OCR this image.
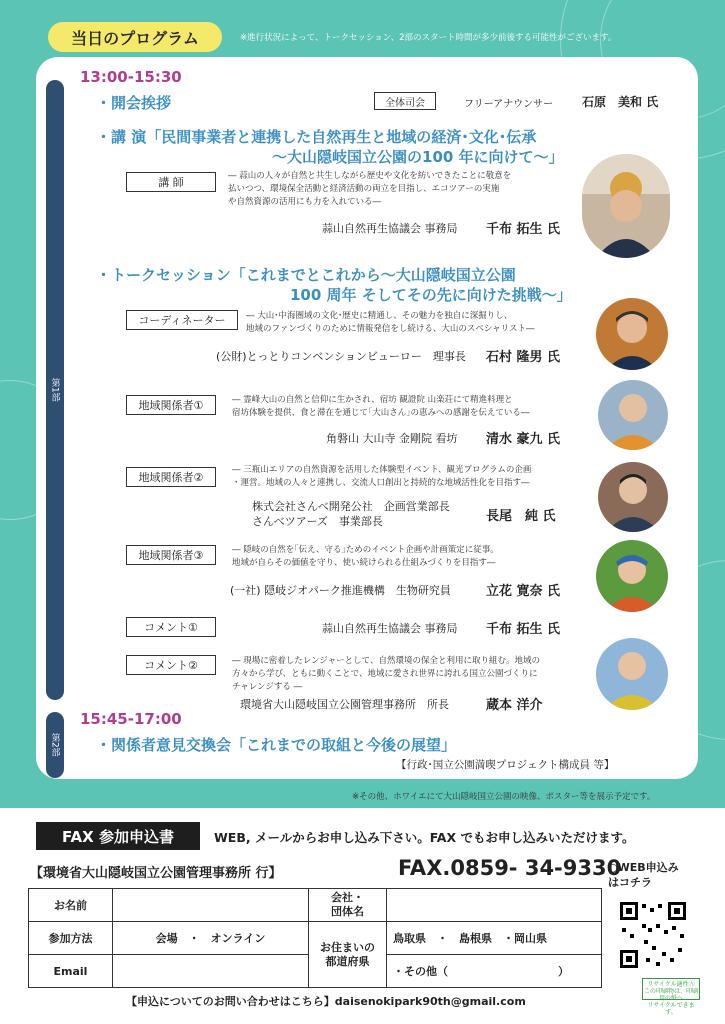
当日のプログラム	※進行状況によって、トークセッション、2部のスタート時間が多少前後する可能性がございます。
第1部
第2部
13:00-15:30
・開会挨拶	全体司会	フリーアナウンサー 石原　美和 氏
・講 演「民間事業者と連携した自然再生と地域の経済･文化･伝承
〜大山隠岐国立公園の100 年に向けて〜」
講 師	― 蒜山の人々が自然と共生しながら歴史や文化を紡いできたことに敬意を
払いつつ、環境保全活動と経済活動の両立を目指し、エコツアーの実施
や自然資源の活用にも力を入れている―
蒜山自然再生協議会 事務局 千布 拓生 氏
・トークセッション「これまでとこれから〜大山隠岐国立公園
100 周年 そしてその先に向けた挑戦〜」
コーディネーター	― 大山･中海圏域の文化･歴史に精通し、その魅力を独自に深掘りし、
地域のファンづくりのために情報発信をし続ける、大山のスペシャリスト―
(公財)とっとりコンベンションビューロー　理事長 石村 隆男 氏
地域関係者①	― 霊峰大山の自然と信仰に生かされ、宿坊 観證院 山楽荘にて精進料理と
宿坊体験を提供、食と滞在を通じて｢大山さん｣の恵みへの感謝を伝えている―
角磐山 大山寺 金剛院 看坊 清水 豪九 氏
地域関係者②
― 三瓶山エリアの自然資源を活用した体験型イベント、観光プログラムの企画
・運営。地域の人々と連携し、交流人口創出と持続的な地域活性化を目指す―
株式会社さんべ開発公社　企画営業部長
さんべツアーズ　事業部長	長尾　純 氏
地域関係者③	― 隠岐の自然を｢伝え、守る｣ためのイベント企画や計画策定に従事。
地域が自らその価値を守り、使い続けられる仕組みづくりを目指す―
(一社) 隠岐ジオパーク推進機構　生物研究員	立花 寛奈 氏
コメント①	蒜山自然再生協議会 事務局 千布 拓生 氏
コメント②	― 現場に密着したレンジャーとして、自然環境の保全と利用に取り組む。地域の
方々から学び、ともに動くことで、地域に愛され世界に誇れる国立公園づくりに
チャレンジする ―
環境省大山隠岐国立公園管理事務所　所長	蔵本 洋介
15:45-17:00
・関係者意見交換会「これまでの取組と今後の展望」
【行政･国立公園満喫プロジェクト構成員 等】
※その他、ホワイエにて大山隠岐国立公園の映像、ポスター等を展示予定です。
FAX 参加申込書	WEB, メールからお申し込み下さい。FAX でもお申し込みいただけます。
【環境省大山隠岐国立公園管理事務所 行】	FAX.0859- 34-9330
○WEB申込み
はコチラ
お名前		会社・
団体名	
参加方法	会場　・　オンライン	お住まいの
都道府県	鳥取県　・　島根県　・岡山県
Email			・その他（　　　　　　　　　　）
リサイクル適性Ⓐ
この印刷物は、印刷用の紙へ
リサイクルできます。
【申込についてのお問い合わせはこちら】daisenokipark90th@gmail.com
